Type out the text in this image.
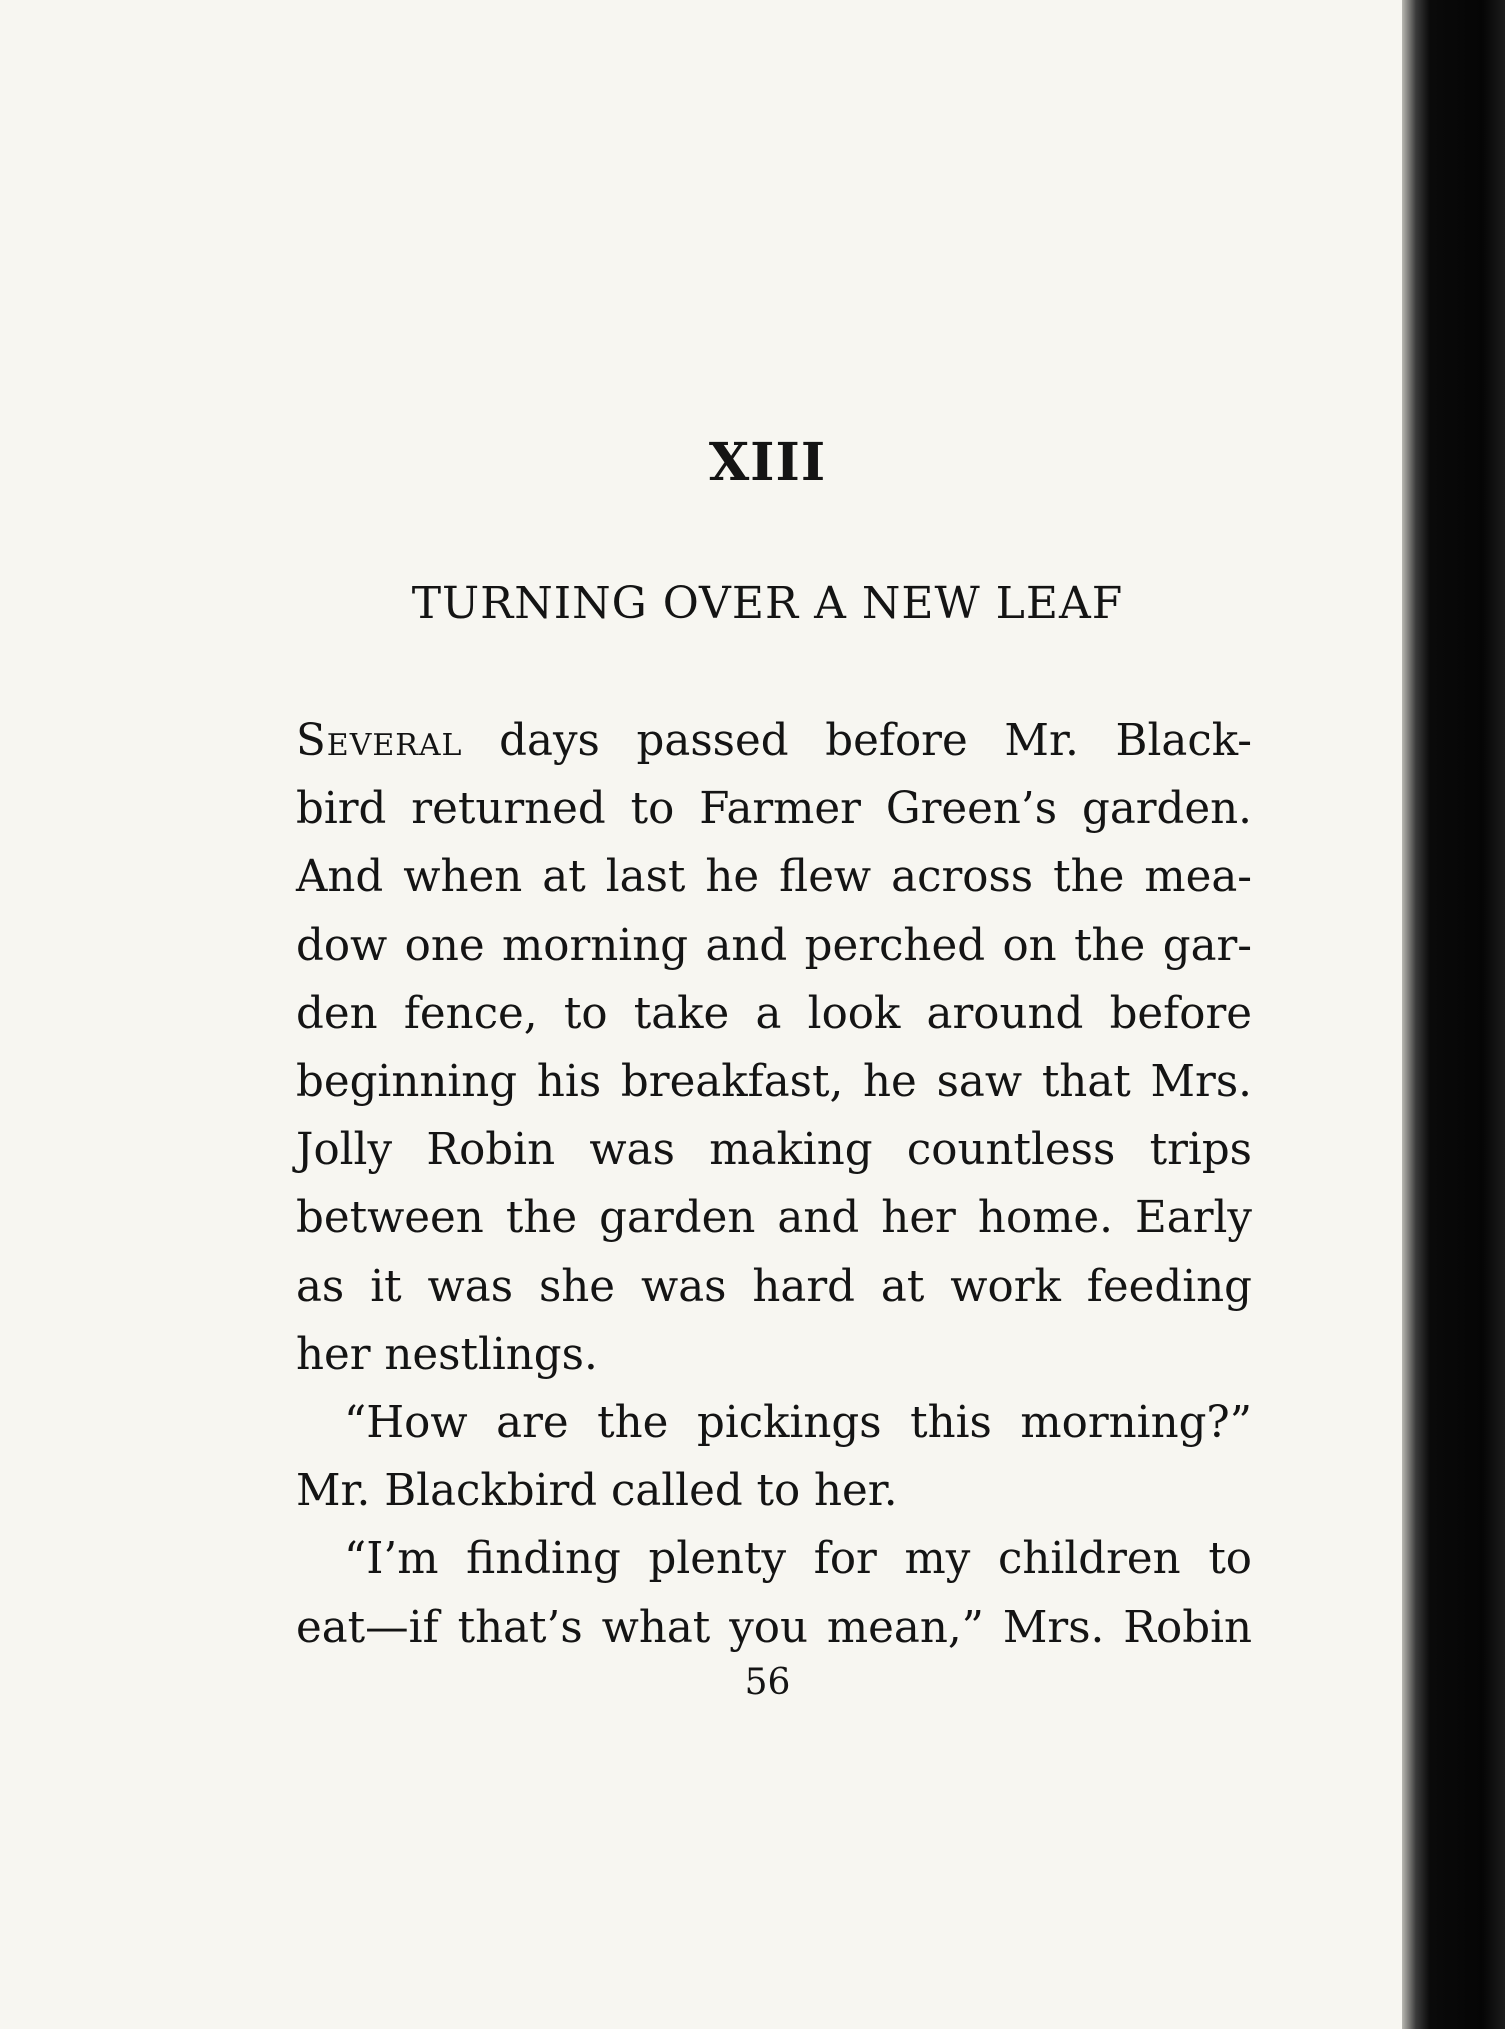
XIII
TURNING OVER A NEW LEAF
Several days passed before Mr. Black-
bird returned to Farmer Green’s garden.
And when at last he flew across the mea-
dow one morning and perched on the gar-
den fence, to take a look around before
beginning his breakfast, he saw that Mrs.
Jolly Robin was making countless trips
between the garden and her home. Early
as it was she was hard at work feeding
her nestlings.
“How are the pickings this morning?”
Mr. Blackbird called to her.
“I’m finding plenty for my children to
eat—if that’s what you mean,” Mrs. Robin
56
